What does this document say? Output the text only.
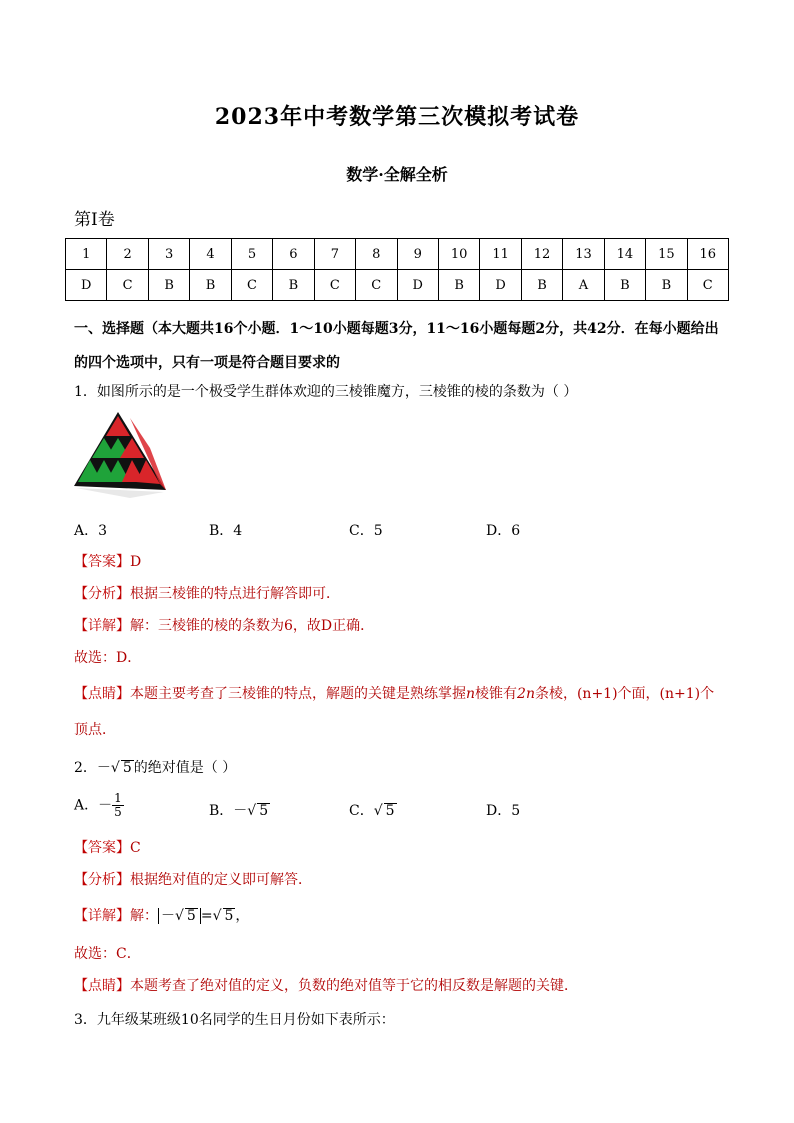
2023年中考数学第三次模拟考试卷
数学·全解全析
第Ⅰ卷
1	2	3	4	5	6	7	8	9	10	11	12	13	14	15	16
D	C	B	B	C	B	C	C	D	B	D	B	A	B	B	C
一、选择题（本大题共16个小题．1～10小题每题3分，11～16小题每题2分，共42分．在每小题给出
的四个选项中，只有一项是符合题目要求的
1．如图所示的是一个极受学生群体欢迎的三棱锥魔方，三棱锥的棱的条数为（ ）
A．3	B．4	C．5	D．6
【答案】D
【分析】根据三棱锥的特点进行解答即可．
【详解】解：三棱锥的棱的条数为6，故D正确．
故选：D．
【点睛】本题主要考查了三棱锥的特点，解题的关键是熟练掌握n棱锥有2n条棱，(n+1)个面，(n+1)个
顶点．
2．－√ 5 的绝对值是（ ）
A．－ $\frac{1}{5}$	B．－√ 5	C．√ 5	D．5
【答案】C
【分析】根据绝对值的定义即可解答．
【详解】解： －√ 5 =√ 5 ，
故选：C．
【点睛】本题考查了绝对值的定义，负数的绝对值等于它的相反数是解题的关键．
3．九年级某班级10名同学的生日月份如下表所示：
